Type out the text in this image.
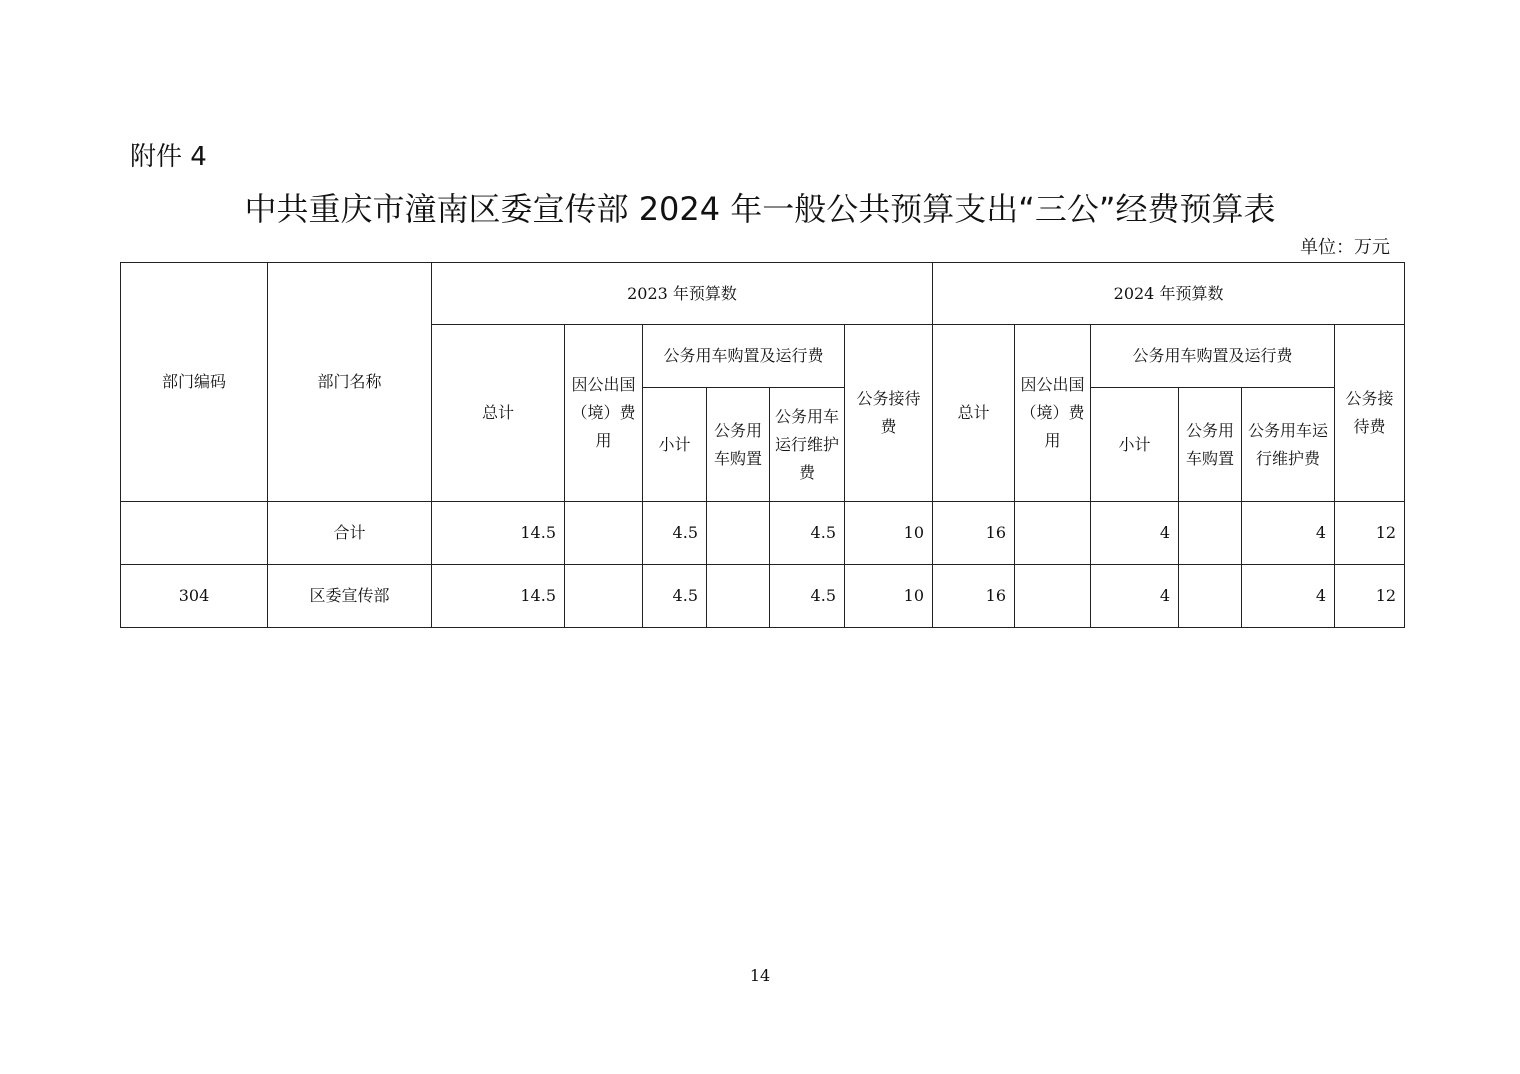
附件 4
中共重庆市潼南区委宣传部 2024 年一般公共预算支出“三公”经费预算表
单位：万元
部门编码	部门名称	2023 年预算数						2024 年预算数					
		总计	因公出国（境）费用	公务用车购置及运行费			公务接待费	总计	因公出国（境）费用	公务用车购置及运行费			公务接待费
				小计	公务用车购置	公务用车运行维护费				小计	公务用车购置	公务用车运行维护费	
	合计	14.5		4.5		4.5	10	16		4		4	12
304	区委宣传部	14.5		4.5		4.5	10	16		4		4	12
14
